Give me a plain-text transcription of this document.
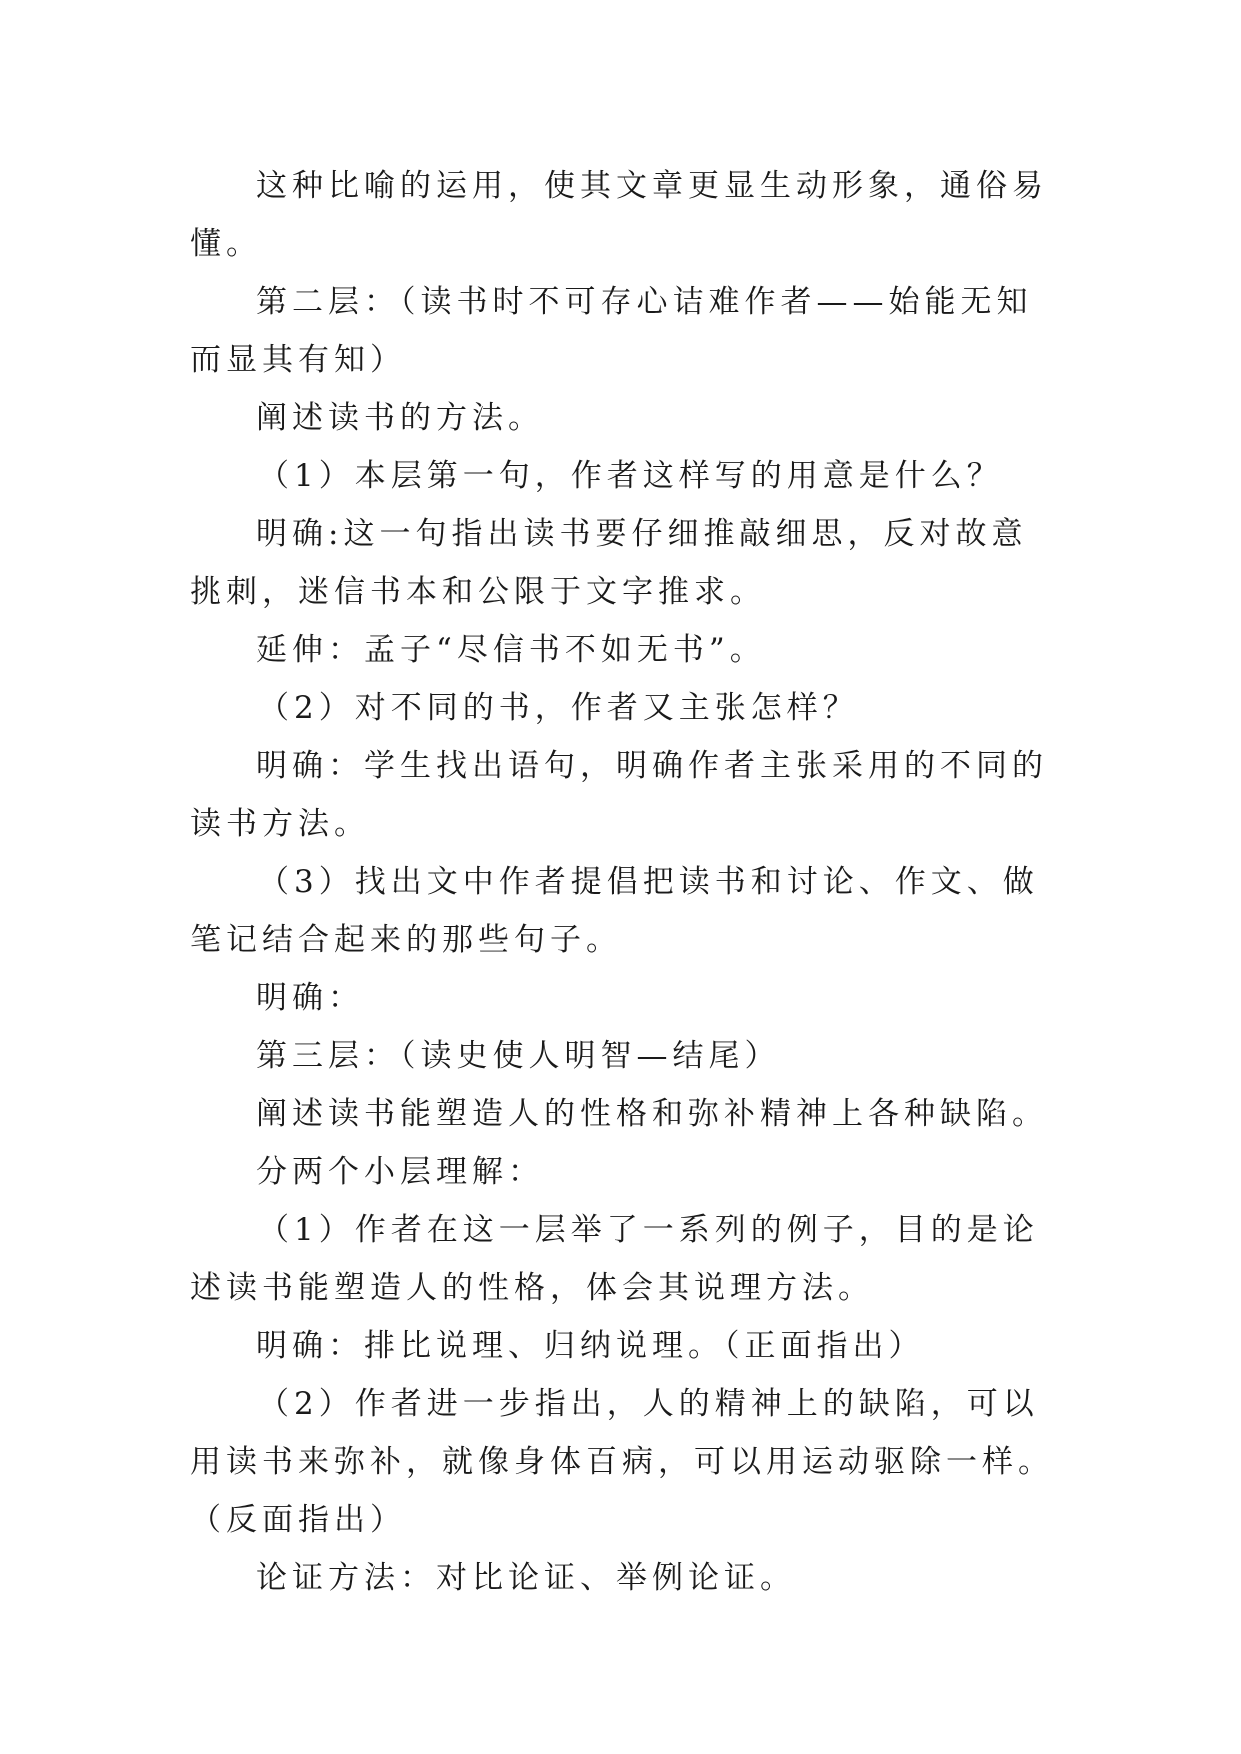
这种比喻的运用，使其文章更显生动形象，通俗易懂。

第二层：（读书时不可存心诘难作者——始能无知而显其有知）

阐述读书的方法。

（1）本层第一句，作者这样写的用意是什么？

明确:这一句指出读书要仔细推敲细思，反对故意挑刺，迷信书本和公限于文字推求。

延伸：孟子“尽信书不如无书”。

（2）对不同的书，作者又主张怎样？

明确：学生找出语句，明确作者主张采用的不同的读书方法。

（3）找出文中作者提倡把读书和讨论、作文、做笔记结合起来的那些句子。

明确：

第三层：（读史使人明智—结尾）

阐述读书能塑造人的性格和弥补精神上各种缺陷。

分两个小层理解：

（1）作者在这一层举了一系列的例子，目的是论述读书能塑造人的性格，体会其说理方法。

明确：排比说理、归纳说理。（正面指出）

（2）作者进一步指出，人的精神上的缺陷，可以用读书来弥补，就像身体百病，可以用运动驱除一样。（反面指出）

论证方法：对比论证、举例论证。
